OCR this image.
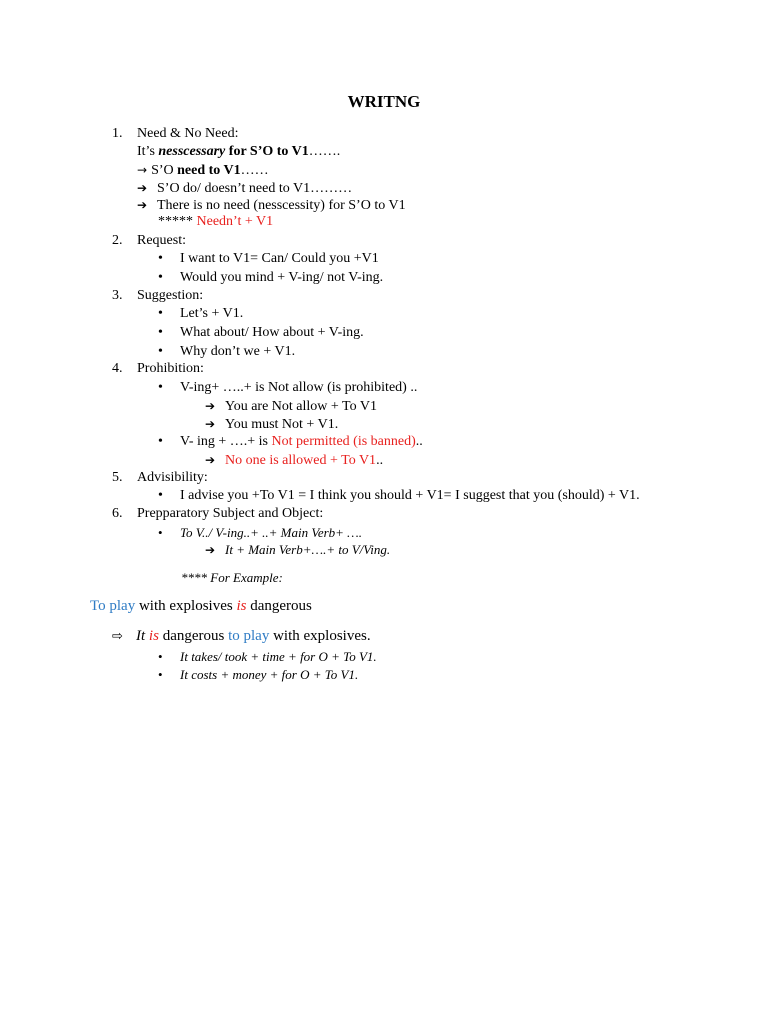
WRITNG
1. Need & No Need:
It’s nesscessary for S’O to V1…….
→ S’O need to V1……
➔ S’O do/ doesn’t need to V1………
➔ There is no need (nesscessity) for S’O to V1
***** Needn’t + V1
2. Request:
• I want to V1= Can/ Could you +V1
• Would you mind + V-ing/ not V-ing.
3. Suggestion:
• Let’s + V1.
• What about/ How about + V-ing.
• Why don’t we + V1.
4. Prohibition:
• V-ing+ …..+ is Not allow (is prohibited) ..
➔ You are Not allow + To V1
➔ You must Not + V1.
• V- ing + ….+ is Not permitted (is banned)..
➔ No one is allowed + To V1..
5. Advisibility:
• I advise you +To V1 = I think you should + V1= I suggest that you (should) + V1.
6. Prepparatory Subject and Object:
• To V../ V-ing..+ ..+ Main Verb+ ….
➔ It + Main Verb+….+ to V/Ving.
**** For Example:
To play with explosives is dangerous
⇨ It is dangerous to play with explosives.
• It takes/ took + time + for O + To V1.
• It costs + money + for O + To V1.
